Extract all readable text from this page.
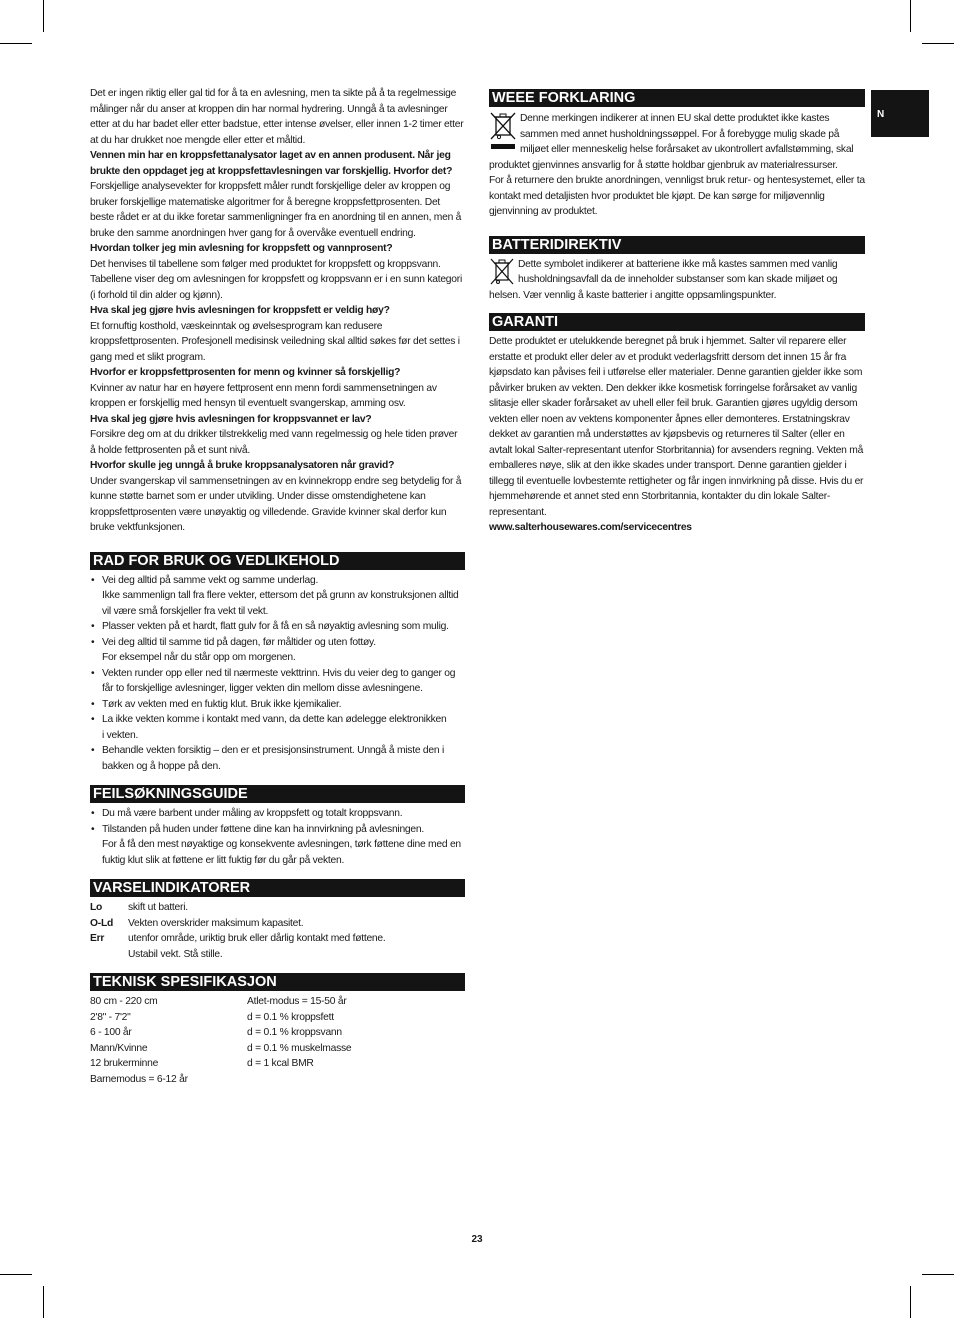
N

Det er ingen riktig eller gal tid for å ta en avlesning, men ta sikte på å ta regelmessige målinger når du anser at kroppen din har normal hydrering. Unngå å ta avlesninger etter at du har badet eller etter badstue, etter intense øvelser, eller innen 1-2 timer etter at du har drukket noe mengde eller etter et måltid.

Vennen min har en kroppsfettanalysator laget av en annen produsent. Når jeg brukte den oppdaget jeg at kroppsfettavlesningen var forskjellig. Hvorfor det?

Forskjellige analysevekter for kroppsfett måler rundt forskjellige deler av kroppen og bruker forskjellige matematiske algoritmer for å beregne kroppsfettprosenten. Det beste rådet er at du ikke foretar sammenligninger fra en anordning til en annen, men å bruke den samme anordningen hver gang for å overvåke eventuell endring.

Hvordan tolker jeg min avlesning for kroppsfett og vannprosent?

Det henvises til tabellene som følger med produktet for kroppsfett og kroppsvann. Tabellene viser deg om avlesningen for kroppsfett og kroppsvann er i en sunn kategori (i forhold til din alder og kjønn).

Hva skal jeg gjøre hvis avlesningen for kroppsfett er veldig høy?

Et fornuftig kosthold, væskeinntak og øvelsesprogram kan redusere kroppsfettprosenten. Profesjonell medisinsk veiledning skal alltid søkes før det settes i gang med et slikt program.

Hvorfor er kroppsfettprosenten for menn og kvinner så forskjellig?

Kvinner av natur har en høyere fettprosent enn menn fordi sammensetningen av kroppen er forskjellig med hensyn til eventuelt svangerskap, amming osv.

Hva skal jeg gjøre hvis avlesningen for kroppsvannet er lav?

Forsikre deg om at du drikker tilstrekkelig med vann regelmessig og hele tiden prøver å holde fettprosenten på et sunt nivå.

Hvorfor skulle jeg unngå å bruke kroppsanalysatoren når gravid?

Under svangerskap vil sammensetningen av en kvinnekropp endre seg betydelig for å kunne støtte barnet som er under utvikling. Under disse omstendighetene kan kroppsfettprosenten være unøyaktig og villedende. Gravide kvinner skal derfor kun bruke vektfunksjonen.

RAD FOR BRUK OG VEDLIKEHOLD
• Vei deg alltid på samme vekt og samme underlag.
Ikke sammenlign tall fra flere vekter, ettersom det på grunn av konstruksjonen alltid vil være små forskjeller fra vekt til vekt.
• Plasser vekten på et hardt, flatt gulv for å få en så nøyaktig avlesning som mulig.
• Vei deg alltid til samme tid på dagen, før måltider og uten fottøy.
For eksempel når du står opp om morgenen.
• Vekten runder opp eller ned til nærmeste vekttrinn. Hvis du veier deg to ganger og får to forskjellige avlesninger, ligger vekten din mellom disse avlesningene.
• Tørk av vekten med en fuktig klut. Bruk ikke kjemikalier.
• La ikke vekten komme i kontakt med vann, da dette kan ødelegge elektronikken
i vekten.
• Behandle vekten forsiktig – den er et presisjonsinstrument. Unngå å miste den i bakken og å hoppe på den.
FEILSØKNINGSGUIDE
• Du må være barbent under måling av kroppsfett og totalt kroppsvann.
• Tilstanden på huden under føttene dine kan ha innvirkning på avlesningen.
For å få den mest nøyaktige og konsekvente avlesningen, tørk føttene dine med en fuktig klut slik at føttene er litt fuktig før du går på vekten.
VARSELINDIKATORER
Lo	skift ut batteri.
O-Ld	Vekten overskrider maksimum kapasitet.
Err	utenfor område, uriktig bruk eller dårlig kontakt med føttene.
Ustabil vekt. Stå stille.
TEKNISK SPESIFIKASJON
80 cm - 220 cm	Atlet-modus = 15-50 år
2'8" - 7'2"	d = 0.1 % kroppsfett
6 - 100 år	d = 0.1 % kroppsvann
Mann/Kvinne	d = 0.1 % muskelmasse
12 brukerminne	d = 1 kcal BMR
Barnemodus = 6-12 år
WEEE FORKLARING

Denne merkingen indikerer at innen EU skal dette produktet ikke kastes sammen med annet husholdningssøppel. For å forebygge mulig skade på miljøet eller menneskelig helse forårsaket av ukontrollert avfallstømming, skal produktet gjenvinnes ansvarlig for å støtte holdbar gjenbruk av materialressurser.

For å returnere den brukte anordningen, vennligst bruk retur- og hentesystemet, eller ta kontakt med detaljisten hvor produktet ble kjøpt. De kan sørge for miljøvennlig gjenvinning av produktet.

BATTERIDIREKTIV

Dette symbolet indikerer at batteriene ikke må kastes sammen med vanlig husholdningsavfall da de inneholder substanser som kan skade miljøet og helsen. Vær vennlig å kaste batterier i angitte oppsamlingspunkter.

GARANTI

Dette produktet er utelukkende beregnet på bruk i hjemmet. Salter vil reparere eller erstatte et produkt eller deler av et produkt vederlagsfritt dersom det innen 15 år fra kjøpsdato kan påvises feil i utførelse eller materialer. Denne garantien gjelder ikke som påvirker bruken av vekten. Den dekker ikke kosmetisk forringelse forårsaket av vanlig slitasje eller skader forårsaket av uhell eller feil bruk. Garantien gjøres ugyldig dersom vekten eller noen av vektens komponenter åpnes eller demonteres. Erstatningskrav dekket av garantien må understøttes av kjøpsbevis og returneres til Salter (eller en avtalt lokal Salter-representant utenfor Storbritannia) for avsenders regning. Vekten må emballeres nøye, slik at den ikke skades under transport. Denne garantien gjelder i tillegg til eventuelle lovbestemte rettigheter og får ingen innvirkning på disse. Hvis du er hjemmehørende et annet sted enn Storbritannia, kontakter du din lokale Salter-representant.

www.salterhousewares.com/servicecentres

23
